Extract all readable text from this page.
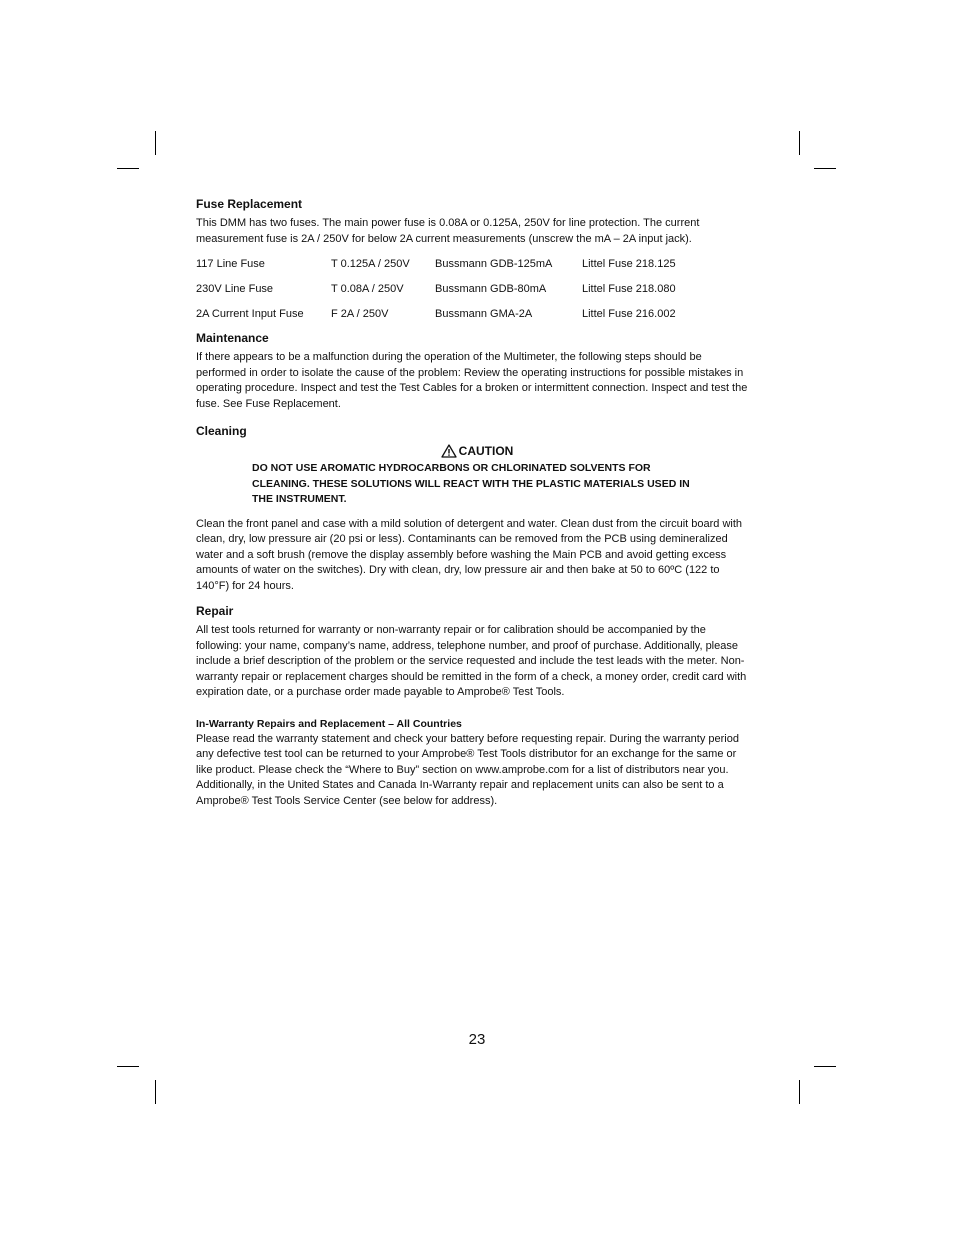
Fuse Replacement

This DMM has two fuses. The main power fuse is 0.08A or 0.125A, 250V for line protection. The current
measurement fuse is 2A / 250V for below 2A current measurements (unscrew the mA – 2A input jack).

117 Line Fuse	T 0.125A / 250V	Bussmann GDB-125mA	Littel Fuse 218.125
230V Line Fuse	T 0.08A / 250V	Bussmann GDB-80mA	Littel Fuse 218.080
2A Current Input Fuse	F 2A / 250V	Bussmann GMA-2A	Littel Fuse 216.002
Maintenance

If there appears to be a malfunction during the operation of the Multimeter, the following steps should be
performed in order to isolate the cause of the problem: Review the operating instructions for possible mistakes in
operating procedure. Inspect and test the Test Cables for a broken or intermittent connection. Inspect and test the
fuse. See Fuse Replacement.

Cleaning
CAUTION

DO NOT USE AROMATIC HYDROCARBONS OR CHLORINATED SOLVENTS FOR
CLEANING. THESE SOLUTIONS WILL REACT WITH THE PLASTIC MATERIALS USED IN
THE INSTRUMENT.

Clean the front panel and case with a mild solution of detergent and water. Clean dust from the circuit board with
clean, dry, low pressure air (20 psi or less). Contaminants can be removed from the PCB using demineralized
water and a soft brush (remove the display assembly before washing the Main PCB and avoid getting excess
amounts of water on the switches). Dry with clean, dry, low pressure air and then bake at 50 to 60ºC (122 to
140°F) for 24 hours.

Repair

All test tools returned for warranty or non-warranty repair or for calibration should be accompanied by the
following: your name, company’s name, address, telephone number, and proof of purchase. Additionally, please
include a brief description of the problem or the service requested and include the test leads with the meter. Non-
warranty repair or replacement charges should be remitted in the form of a check, a money order, credit card with
expiration date, or a purchase order made payable to Amprobe® Test Tools.

In-Warranty Repairs and Replacement – All Countries

Please read the warranty statement and check your battery before requesting repair. During the warranty period
any defective test tool can be returned to your Amprobe® Test Tools distributor for an exchange for the same or
like product. Please check the “Where to Buy” section on www.amprobe.com for a list of distributors near you.
Additionally, in the United States and Canada In-Warranty repair and replacement units can also be sent to a
Amprobe® Test Tools Service Center (see below for address).

23
